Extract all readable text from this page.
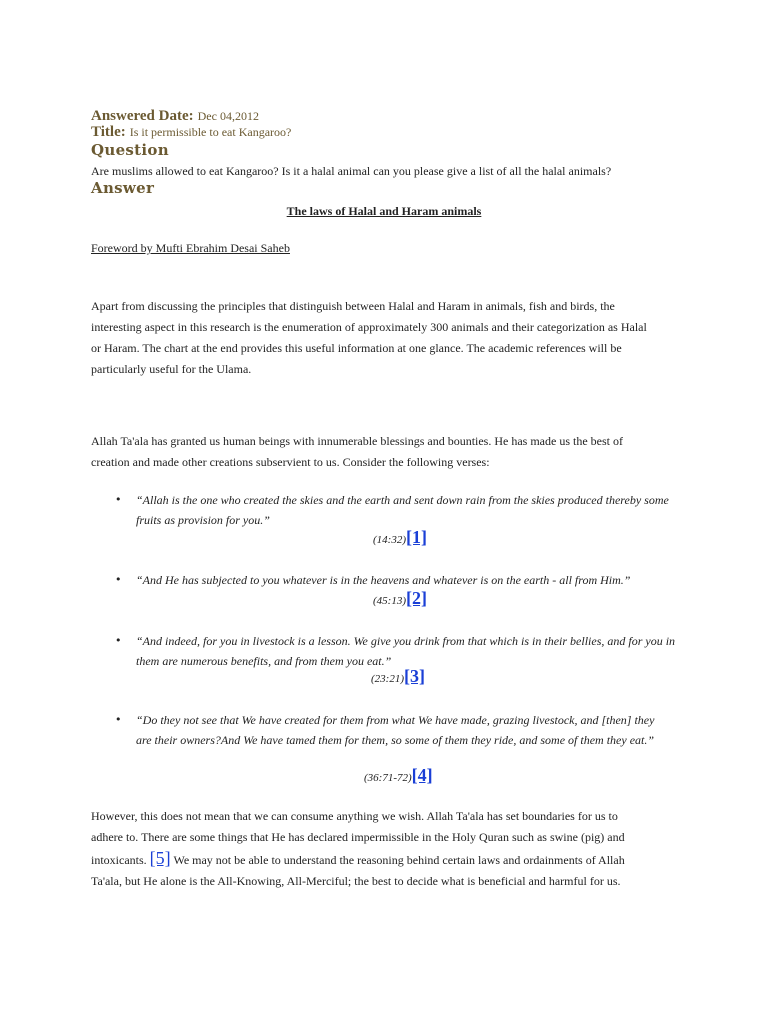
Answered Date: Dec 04,2012
Title: Is it permissible to eat Kangaroo?
Question
Are muslims allowed to eat Kangaroo? Is it a halal animal can you please give a list of all the halal animals?
Answer
The laws of Halal and Haram animals
Foreword by Mufti Ebrahim Desai Saheb
Apart from discussing the principles that distinguish between Halal and Haram in animals, fish and birds, the interesting aspect in this research is the enumeration of approximately 300 animals and their categorization as Halal or Haram. The chart at the end provides this useful information at one glance. The academic references will be particularly useful for the Ulama.
Allah Ta'ala has granted us human beings with innumerable blessings and bounties. He has made us the best of creation and made other creations subservient to us. Consider the following verses:
• “Allah is the one who created the skies and the earth and sent down rain from the skies produced thereby some fruits as provision for you.”
(14:32)[1]
• “And He has subjected to you whatever is in the heavens and whatever is on the earth - all from Him.”
(45:13)[2]
• “And indeed, for you in livestock is a lesson. We give you drink from that which is in their bellies, and for you in them are numerous benefits, and from them you eat.”
(23:21)[3]
• “Do they not see that We have created for them from what We have made, grazing livestock, and [then] they are their owners?And We have tamed them for them, so some of them they ride, and some of them they eat.”
(36:71-72)[4]
However, this does not mean that we can consume anything we wish. Allah Ta'ala has set boundaries for us to adhere to. There are some things that He has declared impermissible in the Holy Quran such as swine (pig) and intoxicants. [5] We may not be able to understand the reasoning behind certain laws and ordainments of Allah Ta'ala, but He alone is the All-Knowing, All-Merciful; the best to decide what is beneficial and harmful for us.
